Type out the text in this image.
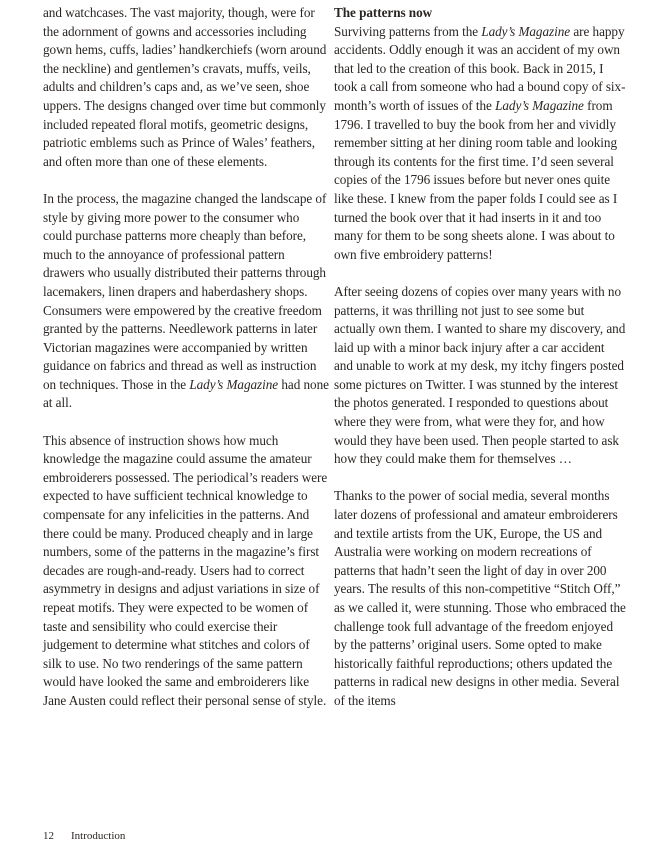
and watchcases. The vast majority, though, were for the adornment of gowns and accessories including gown hems, cuffs, ladies’ handkerchiefs (worn around the neckline) and gentlemen’s cravats, muffs, veils, adults and children’s caps and, as we’ve seen, shoe uppers. The designs changed over time but commonly included repeated floral motifs, geometric designs, patriotic emblems such as Prince of Wales’ feathers, and often more than one of these elements.

In the process, the magazine changed the landscape of style by giving more power to the consumer who could purchase patterns more cheaply than before, much to the annoyance of professional pattern drawers who usually distributed their patterns through lacemakers, linen drapers and haberdashery shops. Consumers were empowered by the creative freedom granted by the patterns. Needlework patterns in later Victorian magazines were accompanied by written guidance on fabrics and thread as well as instruction on techniques. Those in the Lady’s Magazine had none at all.

This absence of instruction shows how much knowledge the magazine could assume the amateur embroiderers possessed. The periodical’s readers were expected to have sufficient technical knowledge to compensate for any infelicities in the patterns. And there could be many. Produced cheaply and in large numbers, some of the patterns in the magazine’s first decades are rough-and-ready. Users had to correct asymmetry in designs and adjust variations in size of repeat motifs. They were expected to be women of taste and sensibility who could exercise their judgement to determine what stitches and colors of silk to use. No two renderings of the same pattern would have looked the same and embroiderers like Jane Austen could reflect their personal sense of style.

The patterns now

Surviving patterns from the Lady’s Magazine are happy accidents. Oddly enough it was an accident of my own that led to the creation of this book. Back in 2015, I took a call from someone who had a bound copy of six-month’s worth of issues of the Lady’s Magazine from 1796. I travelled to buy the book from her and vividly remember sitting at her dining room table and looking through its contents for the first time. I’d seen several copies of the 1796 issues before but never ones quite like these. I knew from the paper folds I could see as I turned the book over that it had inserts in it and too many for them to be song sheets alone. I was about to own five embroidery patterns!

After seeing dozens of copies over many years with no patterns, it was thrilling not just to see some but actually own them. I wanted to share my discovery, and laid up with a minor back injury after a car accident and unable to work at my desk, my itchy fingers posted some pictures on Twitter. I was stunned by the interest the photos generated. I responded to questions about where they were from, what were they for, and how would they have been used. Then people started to ask how they could make them for themselves …

Thanks to the power of social media, several months later dozens of professional and amateur embroiderers and textile artists from the UK, Europe, the US and Australia were working on modern recreations of patterns that hadn’t seen the light of day in over 200 years. The results of this non-competitive “Stitch Off,” as we called it, were stunning. Those who embraced the challenge took full advantage of the freedom enjoyed by the patterns’ original users. Some opted to make historically faithful reproductions; others updated the patterns in radical new designs in other media. Several of the items

12 Introduction
